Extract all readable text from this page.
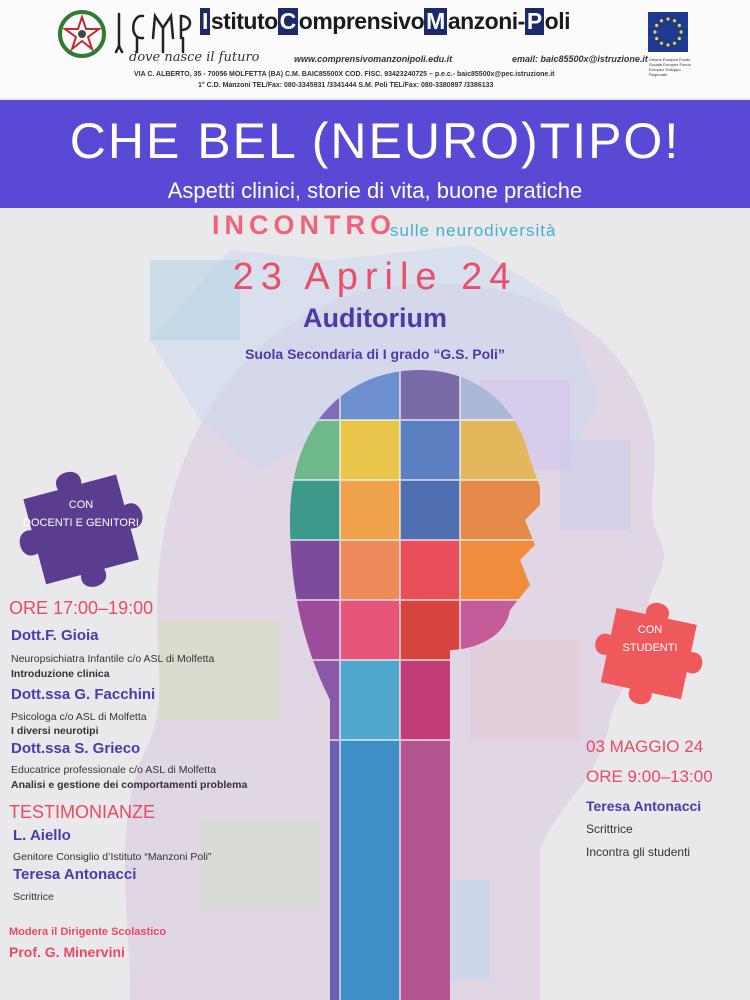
I stitutoC omprensivoM anzoni-P oli
dove nasce il futuro	www.comprensivomanzonipoli.edu.it	email: baic85500x@istruzione.it
VIA C. ALBERTO, 35 - 70056 MOLFETTA (BA) C.M. BAIC85500X COD. FISC. 93423240725 – p.e.c.- baic85500x@pec.istruzione.it
1° C.D. Manzoni TEL/Fax: 080-3345931 /3341444 S.M. Poli TEL/Fax: 080-3380897 /3386133
Unione Europea Fondo Sociale Europeo Fondo Europeo Sviluppo Regionale
CHE BEL (NEURO)TIPO!
Aspetti clinici, storie di vita, buone pratiche
INCONTRO
sulle neurodiversità
23 Aprile 24
Auditorium
Suola Secondaria di I grado “G.S. Poli”
CON
DOCENTI E GENITORI
CON
STUDENTI
ORE 17:00–19:00
Dott.F. Gioia
Neuropsichiatra Infantile c/o ASL di Molfetta
Introduzione clinica
Dott.ssa G. Facchini
Psicologa c/o ASL di Molfetta
I diversi neurotipi
Dott.ssa S. Grieco
Educatrice professionale c/o ASL di Molfetta
Analisi e gestione dei comportamenti problema
TESTIMONIANZE
L. Aiello
Genitore Consiglio d’Istituto “Manzoni Poli”
Teresa Antonacci
Scrittrice
Modera il Dirigente Scolastico
Prof. G. Minervini
03 MAGGIO 24
ORE 9:00–13:00
Teresa Antonacci
Scrittrice
Incontra gli studenti
